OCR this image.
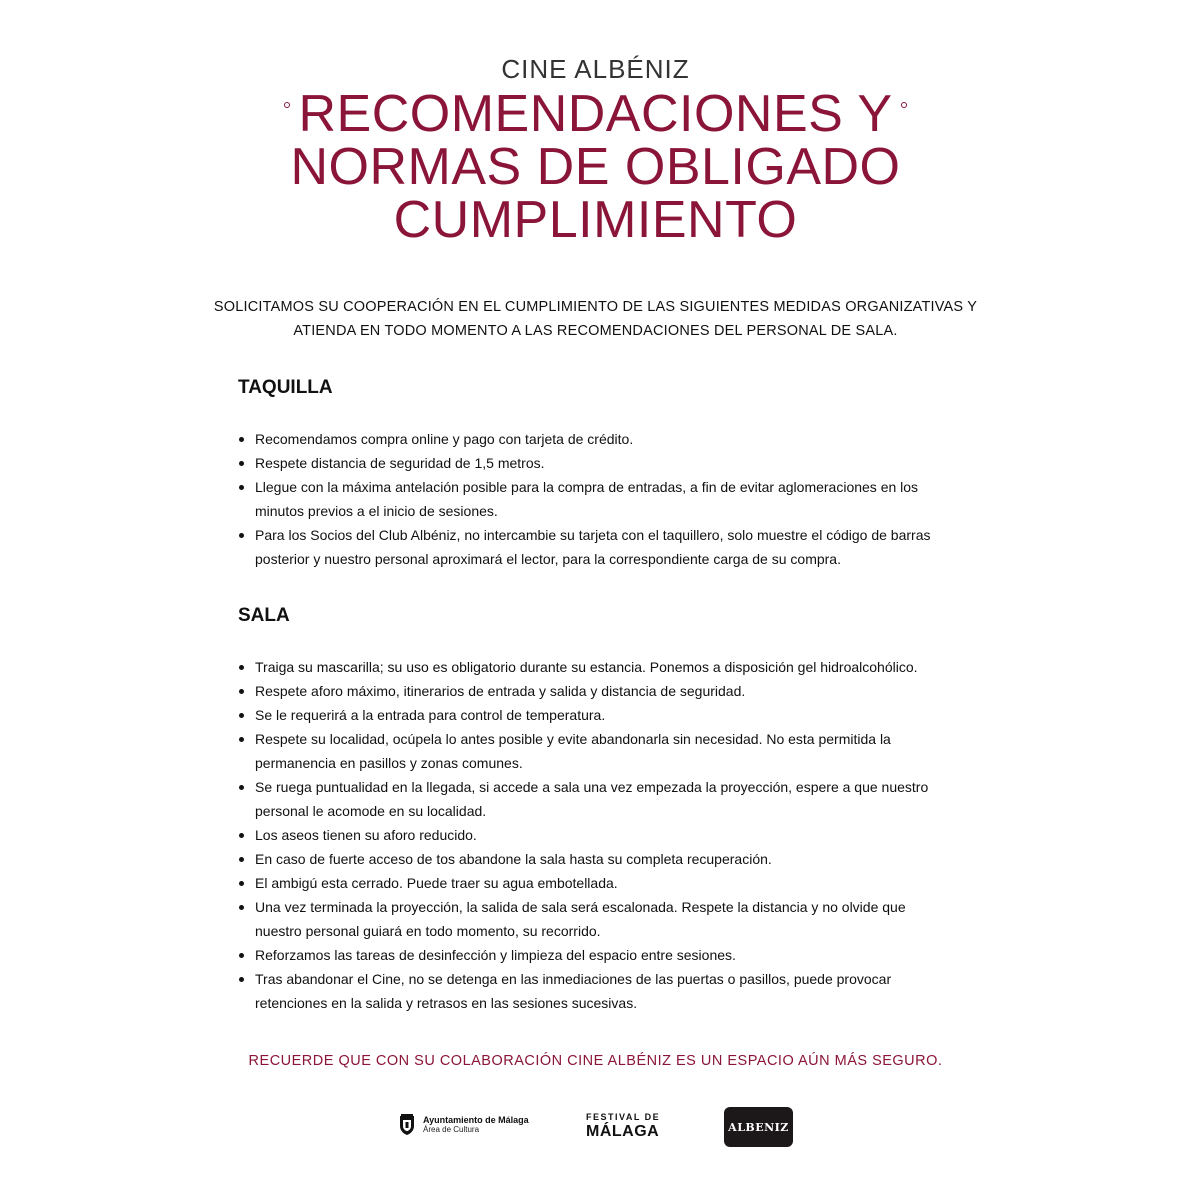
CINE ALBÉNIZ
RECOMENDACIONES Y
NORMAS DE OBLIGADO
CUMPLIMIENTO
SOLICITAMOS SU COOPERACIÓN EN EL CUMPLIMIENTO DE LAS SIGUIENTES MEDIDAS ORGANIZATIVAS Y
ATIENDA EN TODO MOMENTO A LAS RECOMENDACIONES DEL PERSONAL DE SALA.
TAQUILLA
Recomendamos compra online y pago con tarjeta de crédito.
Respete distancia de seguridad de 1,5 metros.
Llegue con la máxima antelación posible para la compra de entradas, a fin de evitar aglomeraciones en los minutos previos a el inicio de sesiones.
Para los Socios del Club Albéniz, no intercambie su tarjeta con el taquillero, solo muestre el código de barras posterior y nuestro personal aproximará el lector, para la correspondiente carga de su compra.
SALA
Traiga su mascarilla; su uso es obligatorio durante su estancia. Ponemos a disposición gel hidroalcohólico.
Respete aforo máximo, itinerarios de entrada y salida y distancia de seguridad.
Se le requerirá a la entrada para control de temperatura.
Respete su localidad, ocúpela lo antes posible y evite abandonarla sin necesidad. No esta permitida la permanencia en pasillos y zonas comunes.
Se ruega puntualidad en la llegada, si accede a sala una vez empezada la proyección, espere a que nuestro personal le acomode en su localidad.
Los aseos tienen su aforo reducido.
En caso de fuerte acceso de tos abandone la sala hasta su completa recuperación.
El ambigú esta cerrado. Puede traer su agua embotellada.
Una vez terminada la proyección, la salida de sala será escalonada. Respete la distancia y no olvide que nuestro personal guiará en todo momento, su recorrido.
Reforzamos las tareas de desinfección y limpieza del espacio entre sesiones.
Tras abandonar el Cine, no se detenga en las inmediaciones de las puertas o pasillos, puede provocar retenciones en la salida y retrasos en las sesiones sucesivas.
RECUERDE QUE CON SU COLABORACIÓN CINE ALBÉNIZ ES UN ESPACIO AÚN MÁS SEGURO.
Ayuntamiento de Málaga
Área de Cultura
FESTIVAL DE
MÁLAGA	ALBENIZ
